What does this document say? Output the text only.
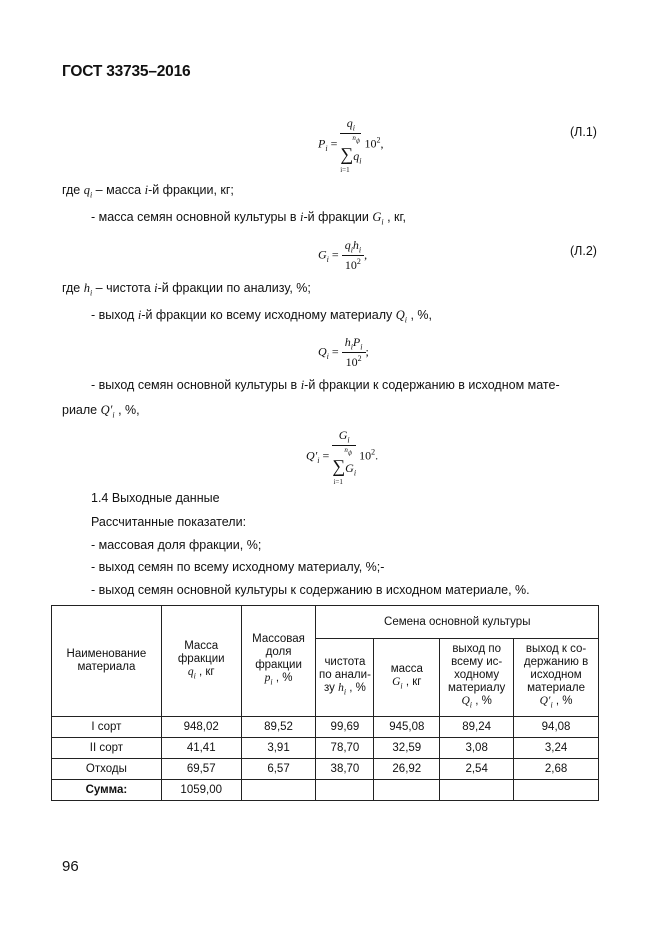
ГОСТ 33735–2016
$P_i = q_i$
$n_ф$
$\sum q_i$
i=1 $10^2$,
(Л.1)
где $q_i$ – масса i-й фракции, кг;
- масса семян основной культуры в i-й фракции $G_i$ , кг,
$G_i = \frac{q_ih_i}{10^2}$ ,	(Л.2)
где $h_i$ – чистота i-й фракции по анализу, %;
- выход i-й фракции ко всему исходному материалу $Q_i$ , %,
$Q_i = \frac{h_iP_i}{10^2}$ ;
- выход семян основной культуры в i-й фракции к содержанию в исходном мате-
риале $Q'_i$ , %,
$Q'_i = G_i$
$n_ф$
$\sum G_i$
i=1 $10^2$.
1.4 Выходные данные
Рассчитанные показатели:
- массовая доля фракции, %;
- выход семян по всему исходному материалу, %;-
- выход семян основной культуры к содержанию в исходном материале, %.
Наименование материала	Масса
фракции
$q_i$ , кг	Массовая
доля
фракции
$p_i$ , %	Семена основной культуры			
			чистота
по анали-
зу $h_i$ , %	масса
$G_i$ , кг	выход по
всему ис-
ходному
материалу
$Q_i$ , %	выход к со-
держанию в
исходном
материале
$Q'_i$ , %
I сорт	948,02	89,52	99,69	945,08	89,24	94,08
II сорт	41,41	3,91	78,70	32,59	3,08	3,24
Отходы	69,57	6,57	38,70	26,92	2,54	2,68
Сумма:	1059,00					
96
